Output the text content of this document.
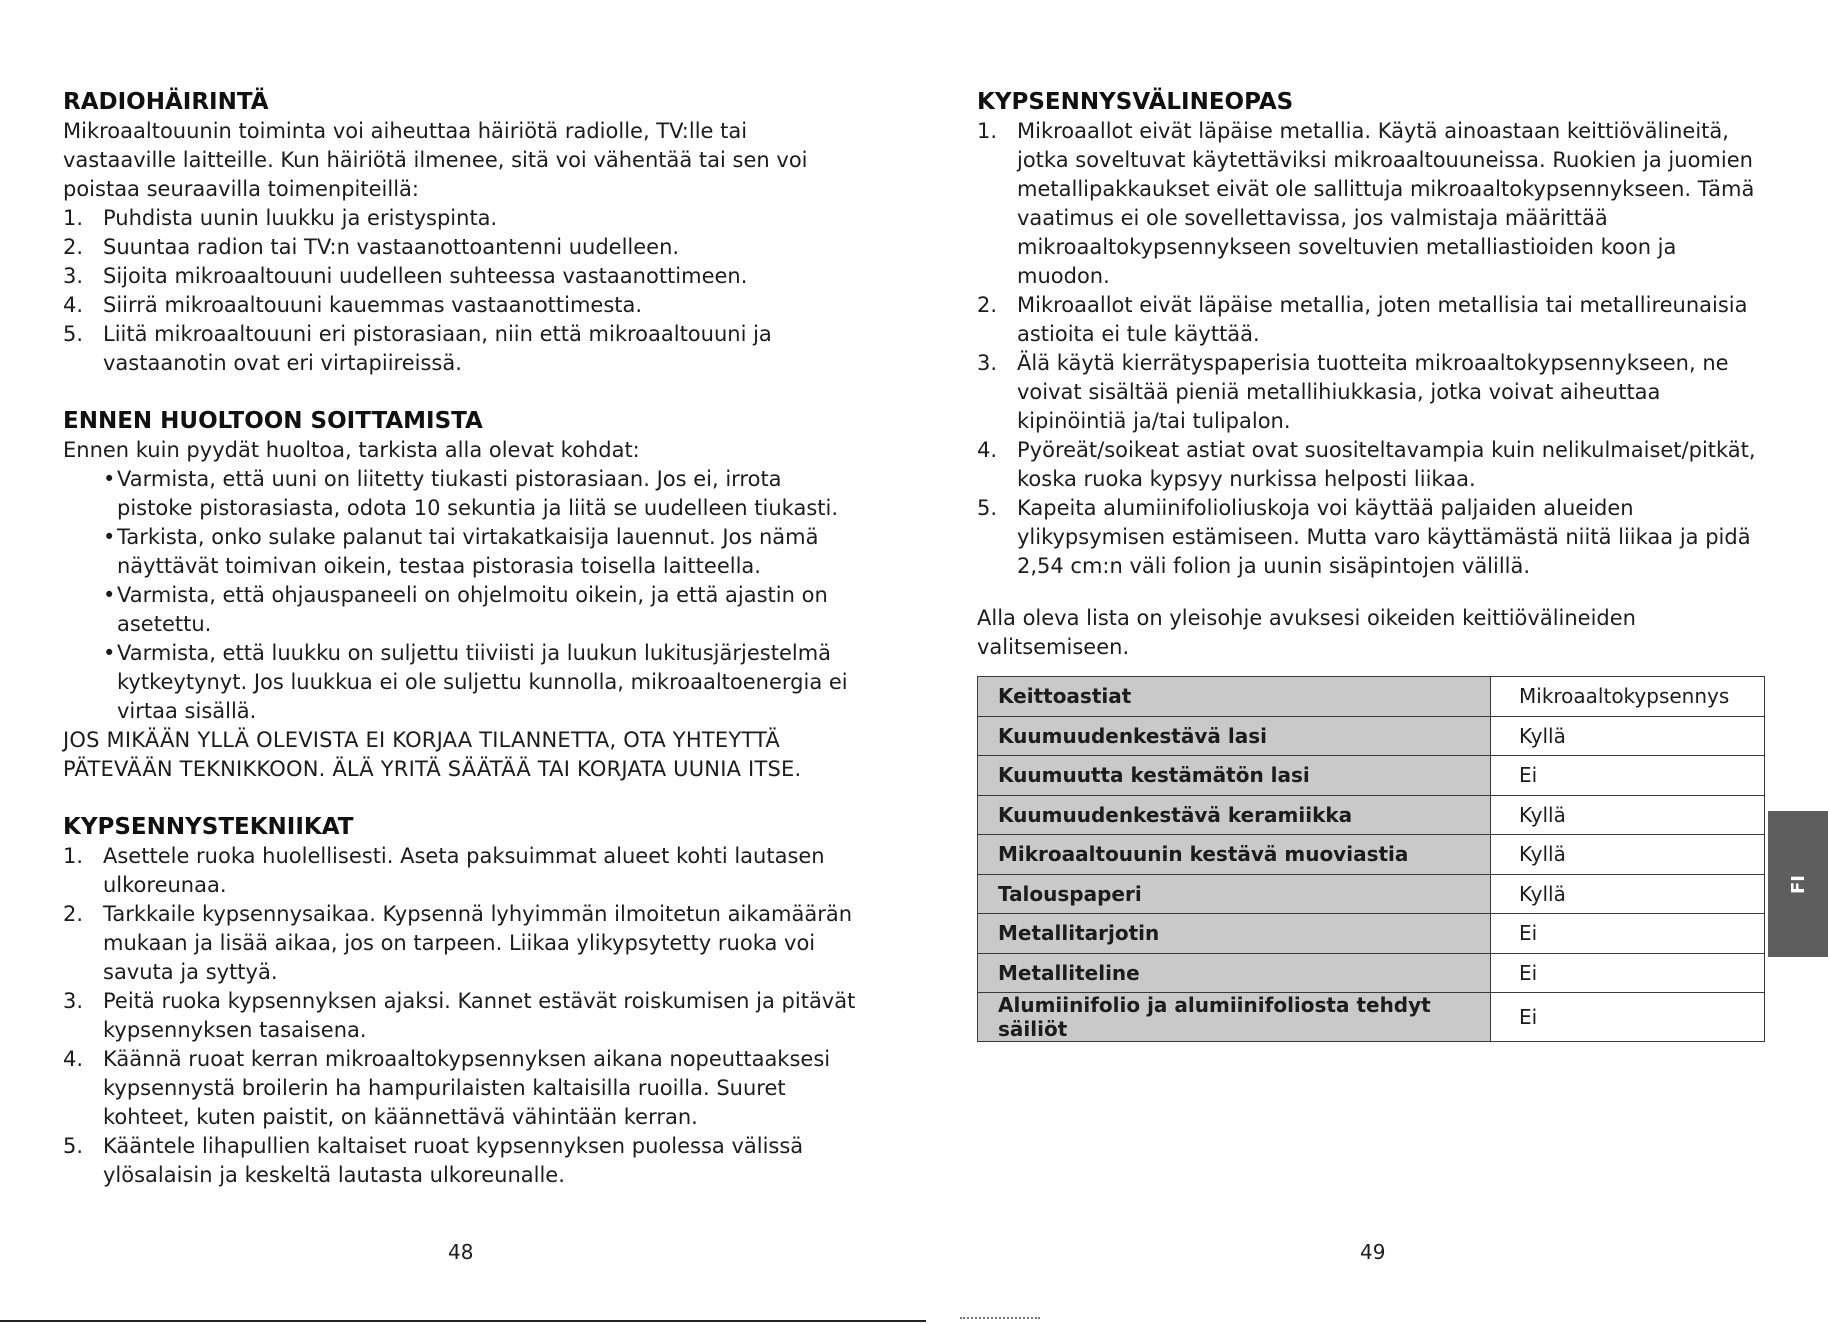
RADIOHÄIRINTÄ

Mikroaaltouunin toiminta voi aiheuttaa häiriötä radiolle, TV:lle tai vastaaville laitteille. Kun häiriötä ilmenee, sitä voi vähentää tai sen voi poistaa seuraavilla toimenpiteillä:

1. Puhdista uunin luukku ja eristyspinta.
2. Suuntaa radion tai TV:n vastaanottoantenni uudelleen.
3. Sijoita mikroaaltouuni uudelleen suhteessa vastaanottimeen.
4. Siirrä mikroaaltouuni kauemmas vastaanottimesta.
5. Liitä mikroaaltouuni eri pistorasiaan, niin että mikroaaltouuni ja vastaanotin ovat eri virtapiireissä.
ENNEN HUOLTOON SOITTAMISTA

Ennen kuin pyydät huoltoa, tarkista alla olevat kohdat:

• Varmista, että uuni on liitetty tiukasti pistorasiaan. Jos ei, irrota pistoke pistorasiasta, odota 10 sekuntia ja liitä se uudelleen tiukasti.
• Tarkista, onko sulake palanut tai virtakatkaisija lauennut. Jos nämä näyttävät toimivan oikein, testaa pistorasia toisella laitteella.
• Varmista, että ohjauspaneeli on ohjelmoitu oikein, ja että ajastin on asetettu.
• Varmista, että luukku on suljettu tiiviisti ja luukun lukitusjärjestelmä kytkeytynyt. Jos luukkua ei ole suljettu kunnolla, mikroaaltoenergia ei virtaa sisällä.

JOS MIKÄÄN YLLÄ OLEVISTA EI KORJAA TILANNETTA, OTA YHTEYTTÄ PÄTEVÄÄN TEKNIKKOON. ÄLÄ YRITÄ SÄÄTÄÄ TAI KORJATA UUNIA ITSE.

KYPSENNYSTEKNIIKAT
1. Asettele ruoka huolellisesti. Aseta paksuimmat alueet kohti lautasen ulkoreunaa.
2. Tarkkaile kypsennysaikaa. Kypsennä lyhyimmän ilmoitetun aikamäärän mukaan ja lisää aikaa, jos on tarpeen. Liikaa ylikypsytetty ruoka voi savuta ja syttyä.
3. Peitä ruoka kypsennyksen ajaksi. Kannet estävät roiskumisen ja pitävät kypsennyksen tasaisena.
4. Käännä ruoat kerran mikroaaltokypsennyksen aikana nopeuttaaksesi kypsennystä broilerin ha hampurilaisten kaltaisilla ruoilla. Suuret kohteet, kuten paistit, on käännettävä vähintään kerran.
5. Kääntele lihapullien kaltaiset ruoat kypsennyksen puolessa välissä ylösalaisin ja keskeltä lautasta ulkoreunalle.
48
KYPSENNYSVÄLINEOPAS
1. Mikroaallot eivät läpäise metallia. Käytä ainoastaan keittiövälineitä, jotka soveltuvat käytettäviksi mikroaaltouuneissa. Ruokien ja juomien metallipakkaukset eivät ole sallittuja mikroaaltokypsennykseen. Tämä vaatimus ei ole sovellettavissa, jos valmistaja määrittää mikroaaltokypsennykseen soveltuvien metalliastioiden koon ja muodon.
2. Mikroaallot eivät läpäise metallia, joten metallisia tai metallireunaisia astioita ei tule käyttää.
3. Älä käytä kierrätyspaperisia tuotteita mikroaaltokypsennykseen, ne voivat sisältää pieniä metallihiukkasia, jotka voivat aiheuttaa kipinöintiä ja/tai tulipalon.
4. Pyöreät/soikeat astiat ovat suositeltavampia kuin nelikulmaiset/pitkät, koska ruoka kypsyy nurkissa helposti liikaa.
5. Kapeita alumiinifolioliuskoja voi käyttää paljaiden alueiden ylikypsymisen estämiseen. Mutta varo käyttämästä niitä liikaa ja pidä 2,54 cm:n väli folion ja uunin sisäpintojen välillä.

Alla oleva lista on yleisohje avuksesi oikeiden keittiövälineiden valitsemiseen.

Keittoastiat	Mikroaaltokypsennys
Kuumuudenkestävä lasi	Kyllä
Kuumuutta kestämätön lasi	Ei
Kuumuudenkestävä keramiikka	Kyllä
Mikroaaltouunin kestävä muoviastia	Kyllä
Talouspaperi	Kyllä
Metallitarjotin	Ei
Metalliteline	Ei
Alumiinifolio ja alumiinifoliosta tehdyt säiliöt	Ei
49
FI
